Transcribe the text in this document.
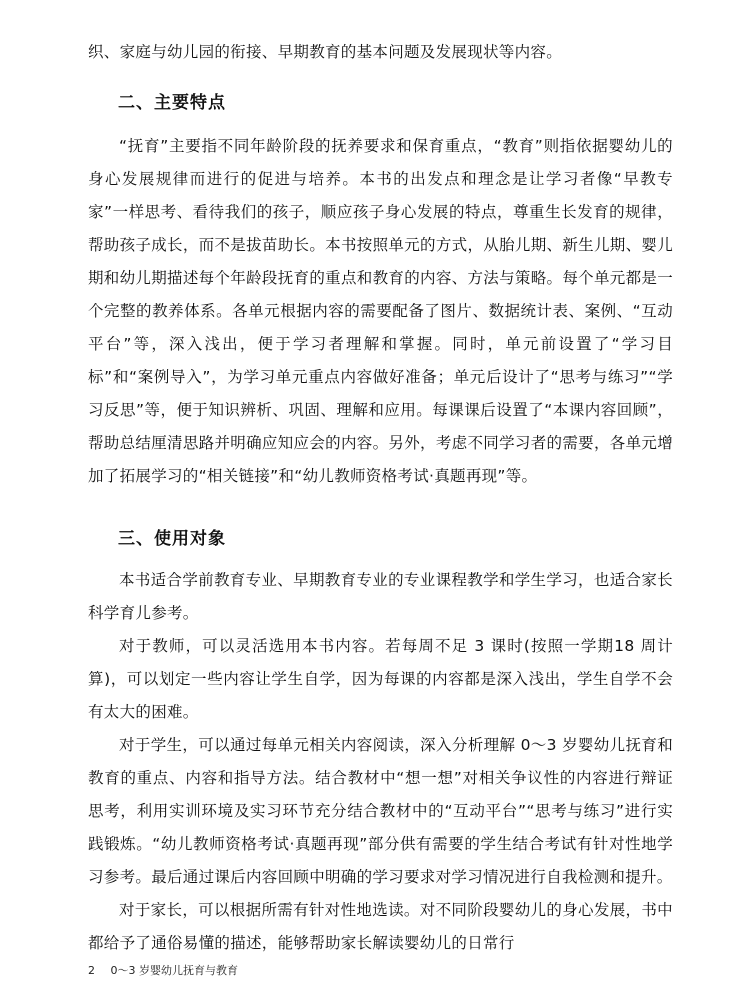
织、家庭与幼儿园的衔接、早期教育的基本问题及发展现状等内容。

二、主要特点

“抚育”主要指不同年龄阶段的抚养要求和保育重点，“教育”则指依据婴幼儿的身心发展规律而进行的促进与培养。本书的出发点和理念是让学习者像“早教专家”一样思考、看待我们的孩子，顺应孩子身心发展的特点，尊重生长发育的规律，帮助孩子成长，而不是拔苗助长。本书按照单元的方式，从胎儿期、新生儿期、婴儿期和幼儿期描述每个年龄段抚育的重点和教育的内容、方法与策略。每个单元都是一个完整的教养体系。各单元根据内容的需要配备了图片、数据统计表、案例、“互动平台”等，深入浅出，便于学习者理解和掌握。同时，单元前设置了“学习目标”和“案例导入”，为学习单元重点内容做好准备；单元后设计了“思考与练习”“学习反思”等，便于知识辨析、巩固、理解和应用。每课课后设置了“本课内容回顾”，帮助总结厘清思路并明确应知应会的内容。另外，考虑不同学习者的需要，各单元增加了拓展学习的“相关链接”和“幼儿教师资格考试·真题再现”等。

三、使用对象

本书适合学前教育专业、早期教育专业的专业课程教学和学生学习，也适合家长科学育儿参考。

对于教师，可以灵活选用本书内容。若每周不足 3 课时(按照一学期18 周计算)，可以划定一些内容让学生自学，因为每课的内容都是深入浅出，学生自学不会有太大的困难。

对于学生，可以通过每单元相关内容阅读，深入分析理解 0～3 岁婴幼儿抚育和教育的重点、内容和指导方法。结合教材中“想一想”对相关争议性的内容进行辩证思考，利用实训环境及实习环节充分结合教材中的“互动平台”“思考与练习”进行实践锻炼。“幼儿教师资格考试·真题再现”部分供有需要的学生结合考试有针对性地学习参考。最后通过课后内容回顾中明确的学习要求对学习情况进行自我检测和提升。

对于家长，可以根据所需有针对性地选读。对不同阶段婴幼儿的身心发展，书中都给予了通俗易懂的描述，能够帮助家长解读婴幼儿的日常行

2 0～3 岁婴幼儿抚育与教育
